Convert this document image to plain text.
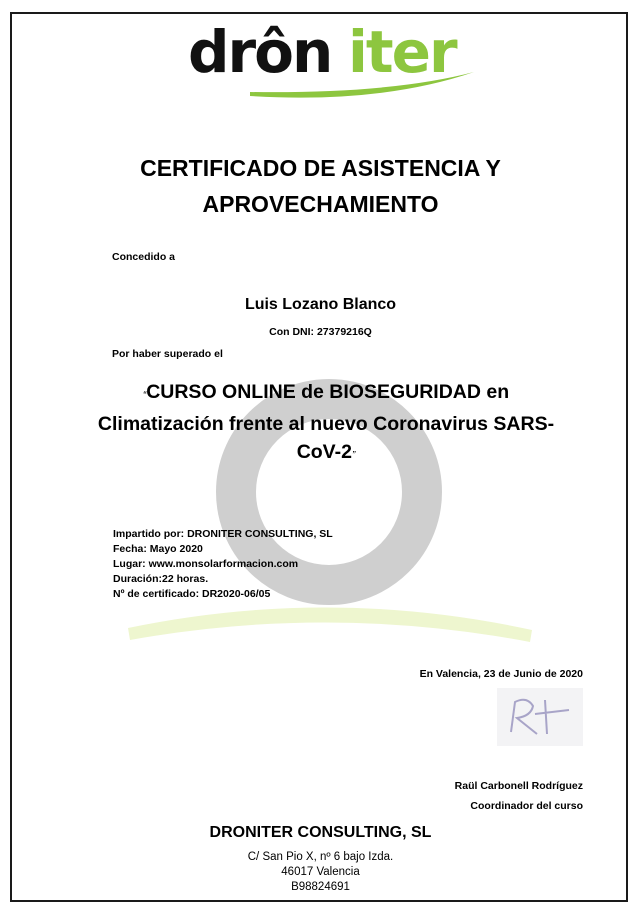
drôn iter
CERTIFICADO DE ASISTENCIA Y
APROVECHAMIENTO
Concedido a
Luis Lozano Blanco
Con DNI: 27379216Q
Por haber superado el
“CURSO ONLINE de BIOSEGURIDAD en
Climatización frente al nuevo Coronavirus SARS-
CoV-2”
Impartido por: DRONITER CONSULTING, SL
Fecha: Mayo 2020
Lugar: www.monsolarformacion.com
Duración:22 horas.
Nº de certificado: DR2020-06/05
En Valencia, 23 de Junio de 2020
Raül Carbonell Rodríguez
Coordinador del curso
DRONITER CONSULTING, SL
C/ San Pio X, nº 6 bajo Izda.
46017 Valencia
B98824691
